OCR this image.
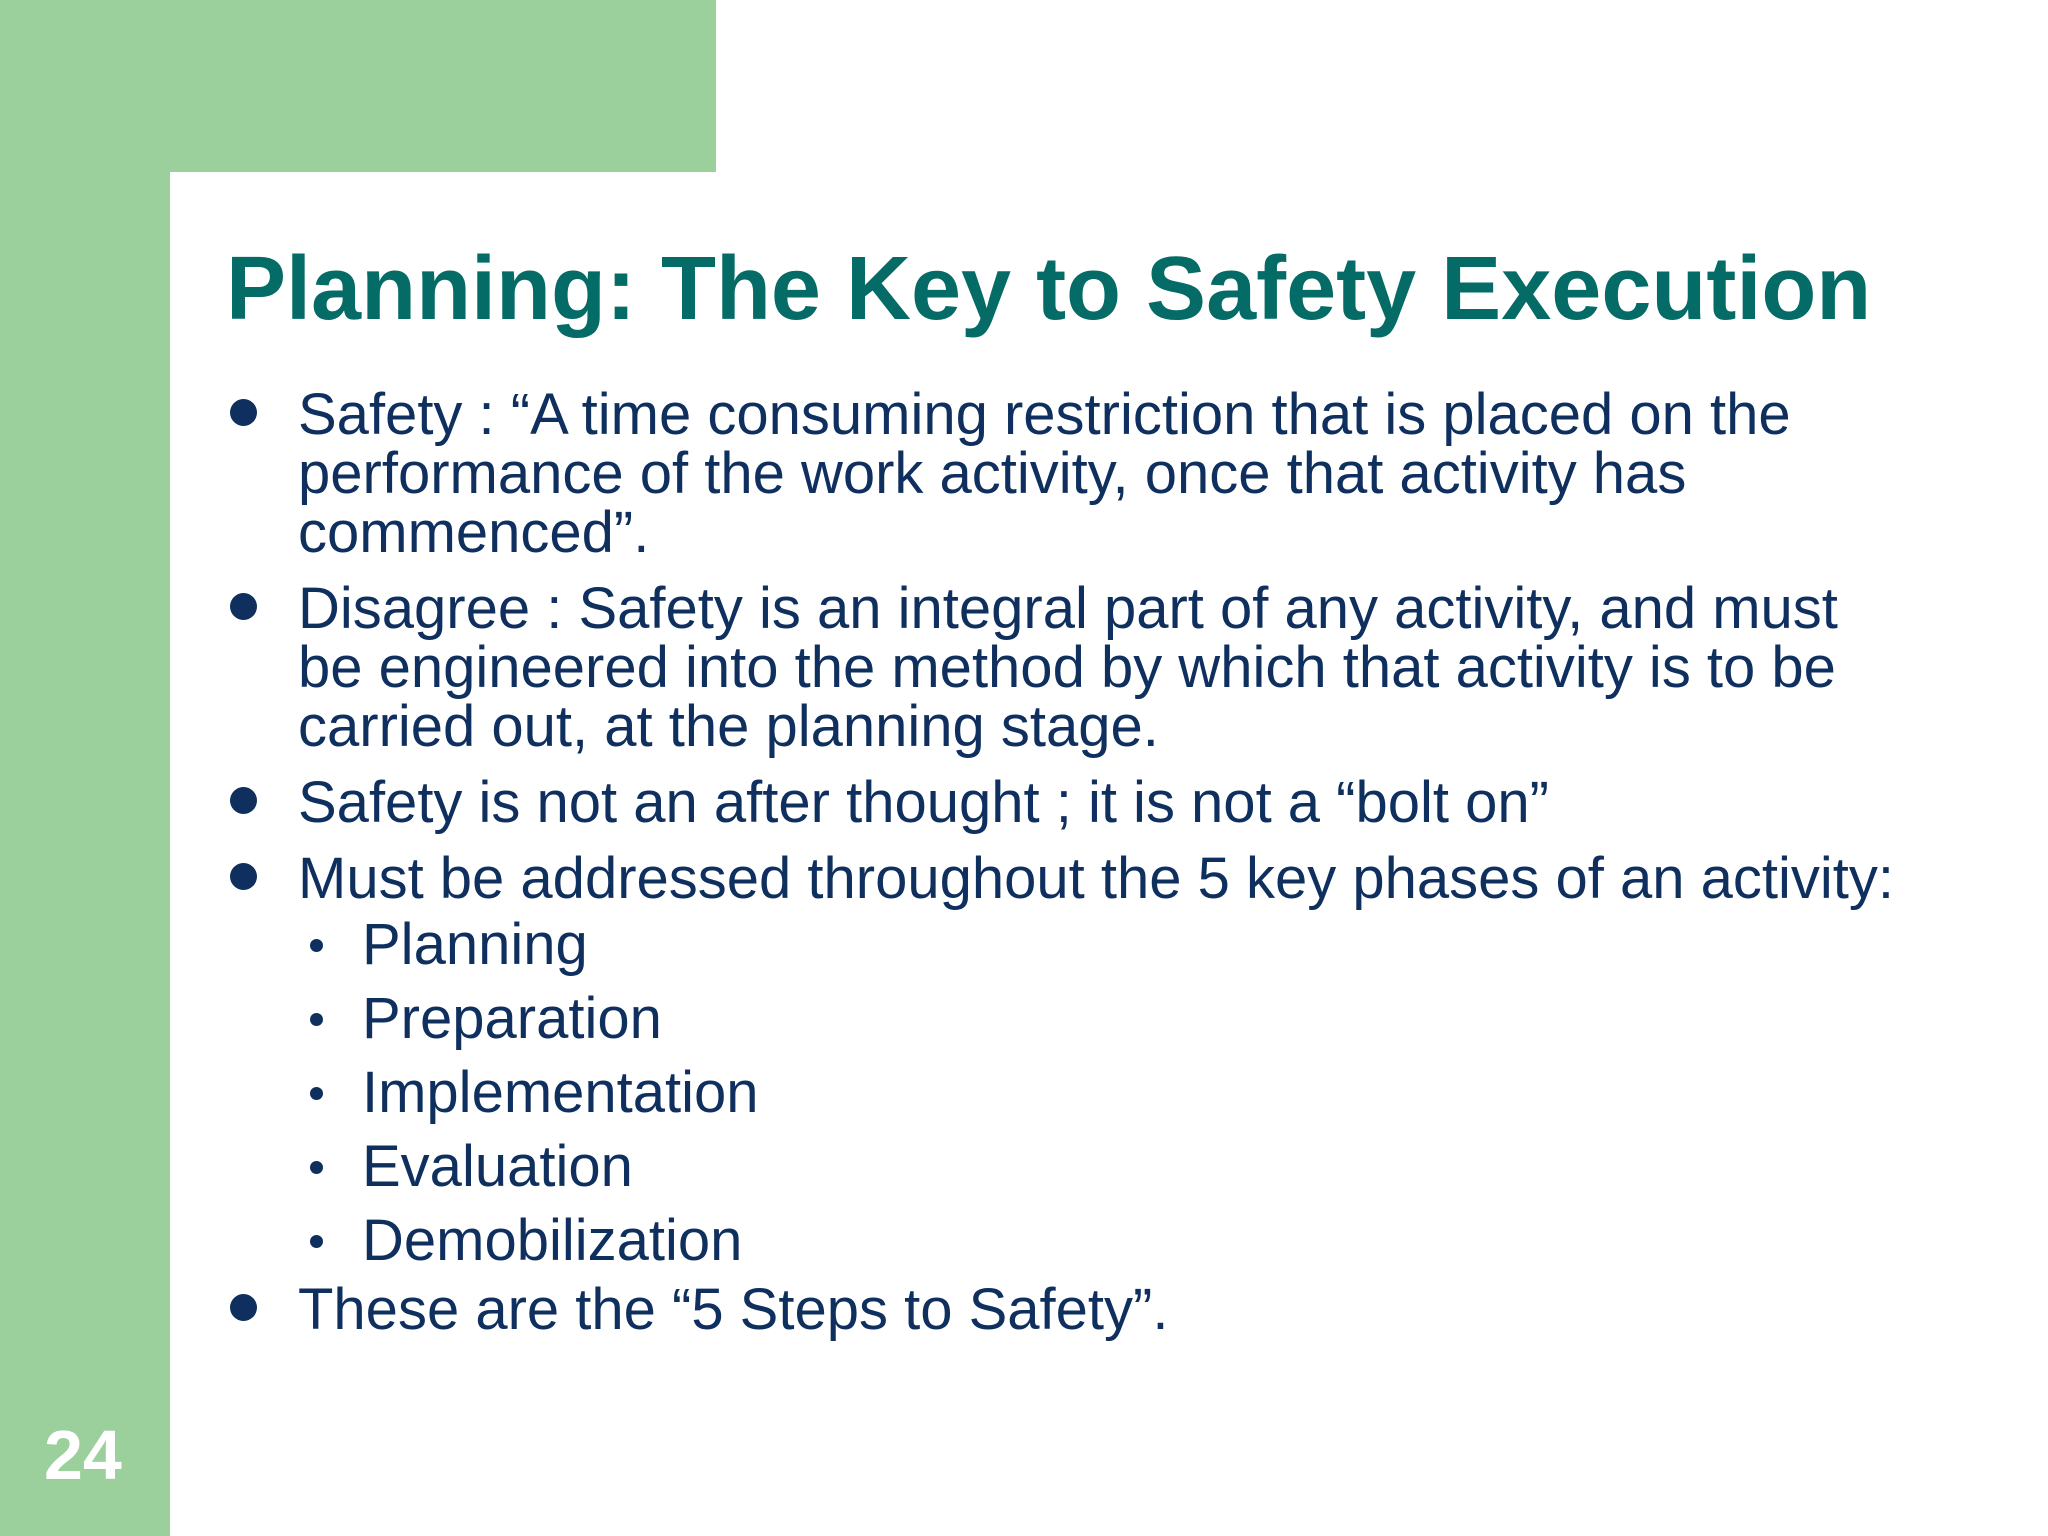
24
Planning: The Key to Safety Execution
Safety : “A time consuming restriction that is placed on the performance of the work activity, once that activity has commenced”.
Disagree : Safety is an integral part of any activity, and must be engineered into the method by which that activity is to be carried out, at the planning stage.
Safety is not an after thought ; it is not a “bolt on”
Must be addressed throughout the 5 key phases of an activity:
Planning
Preparation
Implementation
Evaluation
Demobilization
These are the “5 Steps to Safety”.
